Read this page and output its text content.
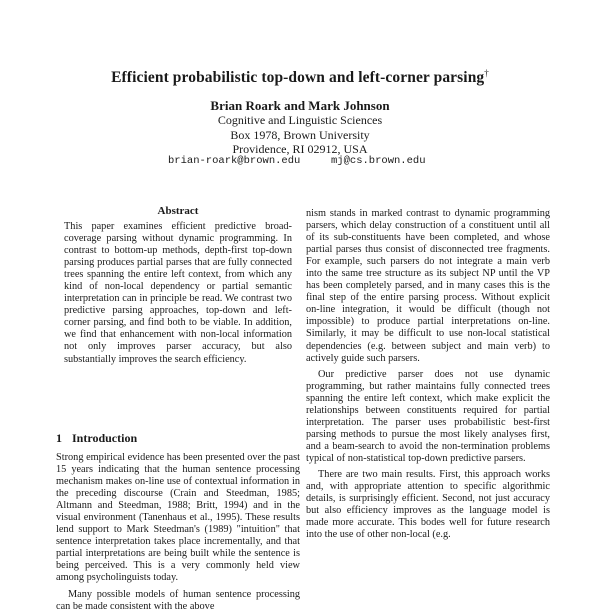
Efficient probabilistic top-down and left-corner parsing†
Brian Roark and Mark Johnson
Cognitive and Linguistic Sciences
Box 1978, Brown University
Providence, RI 02912, USA
brian-roark@brown.edu	mj@cs.brown.edu
Abstract

This paper examines efficient predictive broad-coverage parsing without dynamic programming. In contrast to bottom-up methods, depth-first top-down parsing produces partial parses that are fully connected trees spanning the entire left context, from which any kind of non-local dependency or partial semantic interpretation can in principle be read. We contrast two predictive parsing approaches, top-down and left-corner parsing, and find both to be viable. In addition, we find that enhancement with non-local information not only improves parser accuracy, but also substantially improves the search efficiency.

1 Introduction

Strong empirical evidence has been presented over the past 15 years indicating that the human sentence processing mechanism makes on-line use of contextual information in the preceding discourse (Crain and Steedman, 1985; Altmann and Steedman, 1988; Britt, 1994) and in the visual environment (Tanenhaus et al., 1995). These results lend support to Mark Steedman's (1989) "intuition" that sentence interpretation takes place incrementally, and that partial interpretations are being built while the sentence is being perceived. This is a very commonly held view among psycholinguists today.

Many possible models of human sentence processing can be made consistent with the above

nism stands in marked contrast to dynamic programming parsers, which delay construction of a constituent until all of its sub-constituents have been completed, and whose partial parses thus consist of disconnected tree fragments. For example, such parsers do not integrate a main verb into the same tree structure as its subject NP until the VP has been completely parsed, and in many cases this is the final step of the entire parsing process. Without explicit on-line integration, it would be difficult (though not impossible) to produce partial interpretations on-line. Similarly, it may be difficult to use non-local statistical dependencies (e.g. between subject and main verb) to actively guide such parsers.

Our predictive parser does not use dynamic programming, but rather maintains fully connected trees spanning the entire left context, which make explicit the relationships between constituents required for partial interpretation. The parser uses probabilistic best-first parsing methods to pursue the most likely analyses first, and a beam-search to avoid the non-termination problems typical of non-statistical top-down predictive parsers.

There are two main results. First, this approach works and, with appropriate attention to specific algorithmic details, is surprisingly efficient. Second, not just accuracy but also efficiency improves as the language model is made more accurate. This bodes well for future research into the use of other non-local (e.g.
